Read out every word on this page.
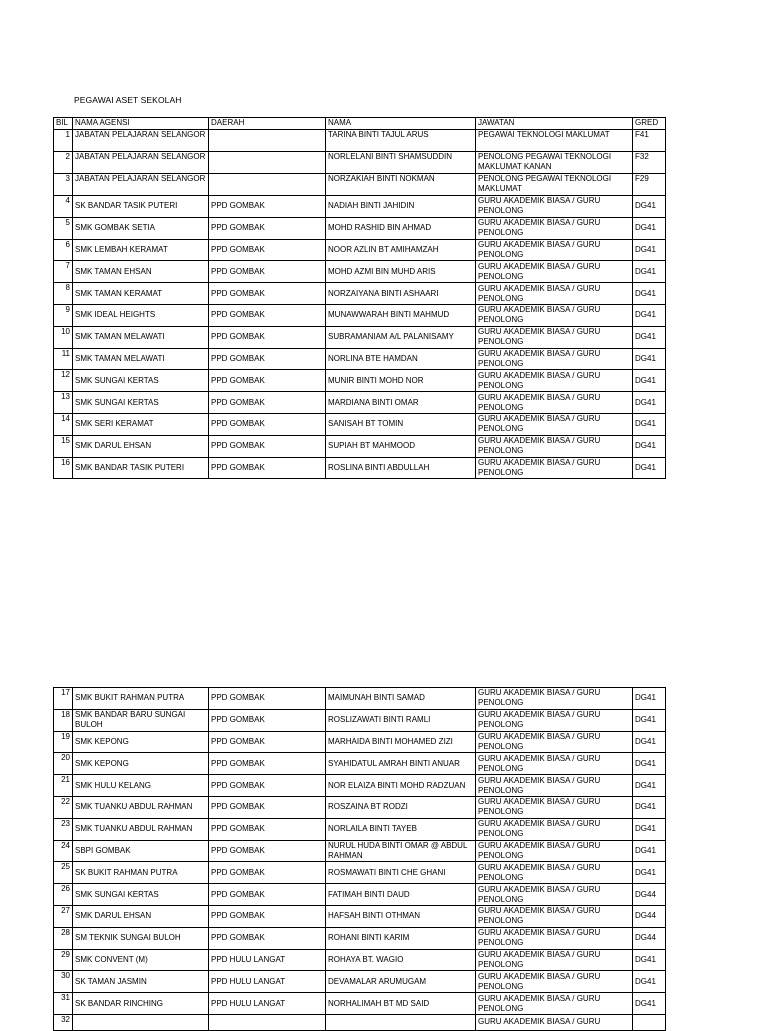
PEGAWAI ASET SEKOLAH
BIL	NAMA AGENSI	DAERAH	NAMA	JAWATAN	GRED
1	JABATAN PELAJARAN SELANGOR		TARINA BINTI TAJUL ARUS	PEGAWAI TEKNOLOGI MAKLUMAT	F41
2	JABATAN PELAJARAN SELANGOR		NORLELANI BINTI SHAMSUDDIN	PENOLONG PEGAWAI TEKNOLOGI MAKLUMAT KANAN	F32
3	JABATAN PELAJARAN SELANGOR		NORZAKIAH BINTI NOKMAN	PENOLONG PEGAWAI TEKNOLOGI MAKLUMAT	F29
4	SK BANDAR TASIK PUTERI	PPD GOMBAK	NADIAH BINTI JAHIDIN	GURU AKADEMIK BIASA / GURU PENOLONG	DG41
5	SMK GOMBAK SETIA	PPD GOMBAK	MOHD RASHID BIN AHMAD	GURU AKADEMIK BIASA / GURU PENOLONG	DG41
6	SMK LEMBAH KERAMAT	PPD GOMBAK	NOOR AZLIN BT AMIHAMZAH	GURU AKADEMIK BIASA / GURU PENOLONG	DG41
7	SMK TAMAN EHSAN	PPD GOMBAK	MOHD AZMI BIN MUHD ARIS	GURU AKADEMIK BIASA / GURU PENOLONG	DG41
8	SMK TAMAN KERAMAT	PPD GOMBAK	NORZAIYANA BINTI ASHAARI	GURU AKADEMIK BIASA / GURU PENOLONG	DG41
9	SMK IDEAL HEIGHTS	PPD GOMBAK	MUNAWWARAH BINTI MAHMUD	GURU AKADEMIK BIASA / GURU PENOLONG	DG41
10	SMK TAMAN MELAWATI	PPD GOMBAK	SUBRAMANIAM A/L PALANISAMY	GURU AKADEMIK BIASA / GURU PENOLONG	DG41
11	SMK TAMAN MELAWATI	PPD GOMBAK	NORLINA BTE HAMDAN	GURU AKADEMIK BIASA / GURU PENOLONG	DG41
12	SMK SUNGAI KERTAS	PPD GOMBAK	MUNIR BINTI MOHD NOR	GURU AKADEMIK BIASA / GURU PENOLONG	DG41
13	SMK SUNGAI KERTAS	PPD GOMBAK	MARDIANA BINTI OMAR	GURU AKADEMIK BIASA / GURU PENOLONG	DG41
14	SMK SERI KERAMAT	PPD GOMBAK	SANISAH BT TOMIN	GURU AKADEMIK BIASA / GURU PENOLONG	DG41
15	SMK DARUL EHSAN	PPD GOMBAK	SUPIAH BT MAHMOOD	GURU AKADEMIK BIASA / GURU PENOLONG	DG41
16	SMK BANDAR TASIK PUTERI	PPD GOMBAK	ROSLINA BINTI ABDULLAH	GURU AKADEMIK BIASA / GURU PENOLONG	DG41
17	SMK BUKIT RAHMAN PUTRA	PPD GOMBAK	MAIMUNAH BINTI SAMAD	GURU AKADEMIK BIASA / GURU PENOLONG	DG41
18	SMK BANDAR BARU SUNGAI BULOH	PPD GOMBAK	ROSLIZAWATI BINTI RAMLI	GURU AKADEMIK BIASA / GURU PENOLONG	DG41
19	SMK KEPONG	PPD GOMBAK	MARHAIDA BINTI MOHAMED ZIZI	GURU AKADEMIK BIASA / GURU PENOLONG	DG41
20	SMK KEPONG	PPD GOMBAK	SYAHIDATUL AMRAH BINTI ANUAR	GURU AKADEMIK BIASA / GURU PENOLONG	DG41
21	SMK HULU KELANG	PPD GOMBAK	NOR ELAIZA BINTI MOHD RADZUAN	GURU AKADEMIK BIASA / GURU PENOLONG	DG41
22	SMK TUANKU ABDUL RAHMAN	PPD GOMBAK	ROSZAINA BT RODZI	GURU AKADEMIK BIASA / GURU PENOLONG	DG41
23	SMK TUANKU ABDUL RAHMAN	PPD GOMBAK	NORLAILA BINTI TAYEB	GURU AKADEMIK BIASA / GURU PENOLONG	DG41
24	SBPI GOMBAK	PPD GOMBAK	NURUL HUDA BINTI OMAR @ ABDUL RAHMAN	GURU AKADEMIK BIASA / GURU PENOLONG	DG41
25	SK BUKIT RAHMAN PUTRA	PPD GOMBAK	ROSMAWATI BINTI CHE GHANI	GURU AKADEMIK BIASA / GURU PENOLONG	DG41
26	SMK SUNGAI KERTAS	PPD GOMBAK	FATIMAH BINTI DAUD	GURU AKADEMIK BIASA / GURU PENOLONG	DG44
27	SMK DARUL EHSAN	PPD GOMBAK	HAFSAH BINTI OTHMAN	GURU AKADEMIK BIASA / GURU PENOLONG	DG44
28	SM TEKNIK SUNGAI BULOH	PPD GOMBAK	ROHANI BINTI KARIM	GURU AKADEMIK BIASA / GURU PENOLONG	DG44
29	SMK CONVENT (M)	PPD HULU LANGAT	ROHAYA BT. WAGIO	GURU AKADEMIK BIASA / GURU PENOLONG	DG41
30	SK TAMAN JASMIN	PPD HULU LANGAT	DEVAMALAR ARUMUGAM	GURU AKADEMIK BIASA / GURU PENOLONG	DG41
31	SK BANDAR RINCHING	PPD HULU LANGAT	NORHALIMAH BT MD SAID	GURU AKADEMIK BIASA / GURU PENOLONG	DG41
32				GURU AKADEMIK BIASA / GURU	
